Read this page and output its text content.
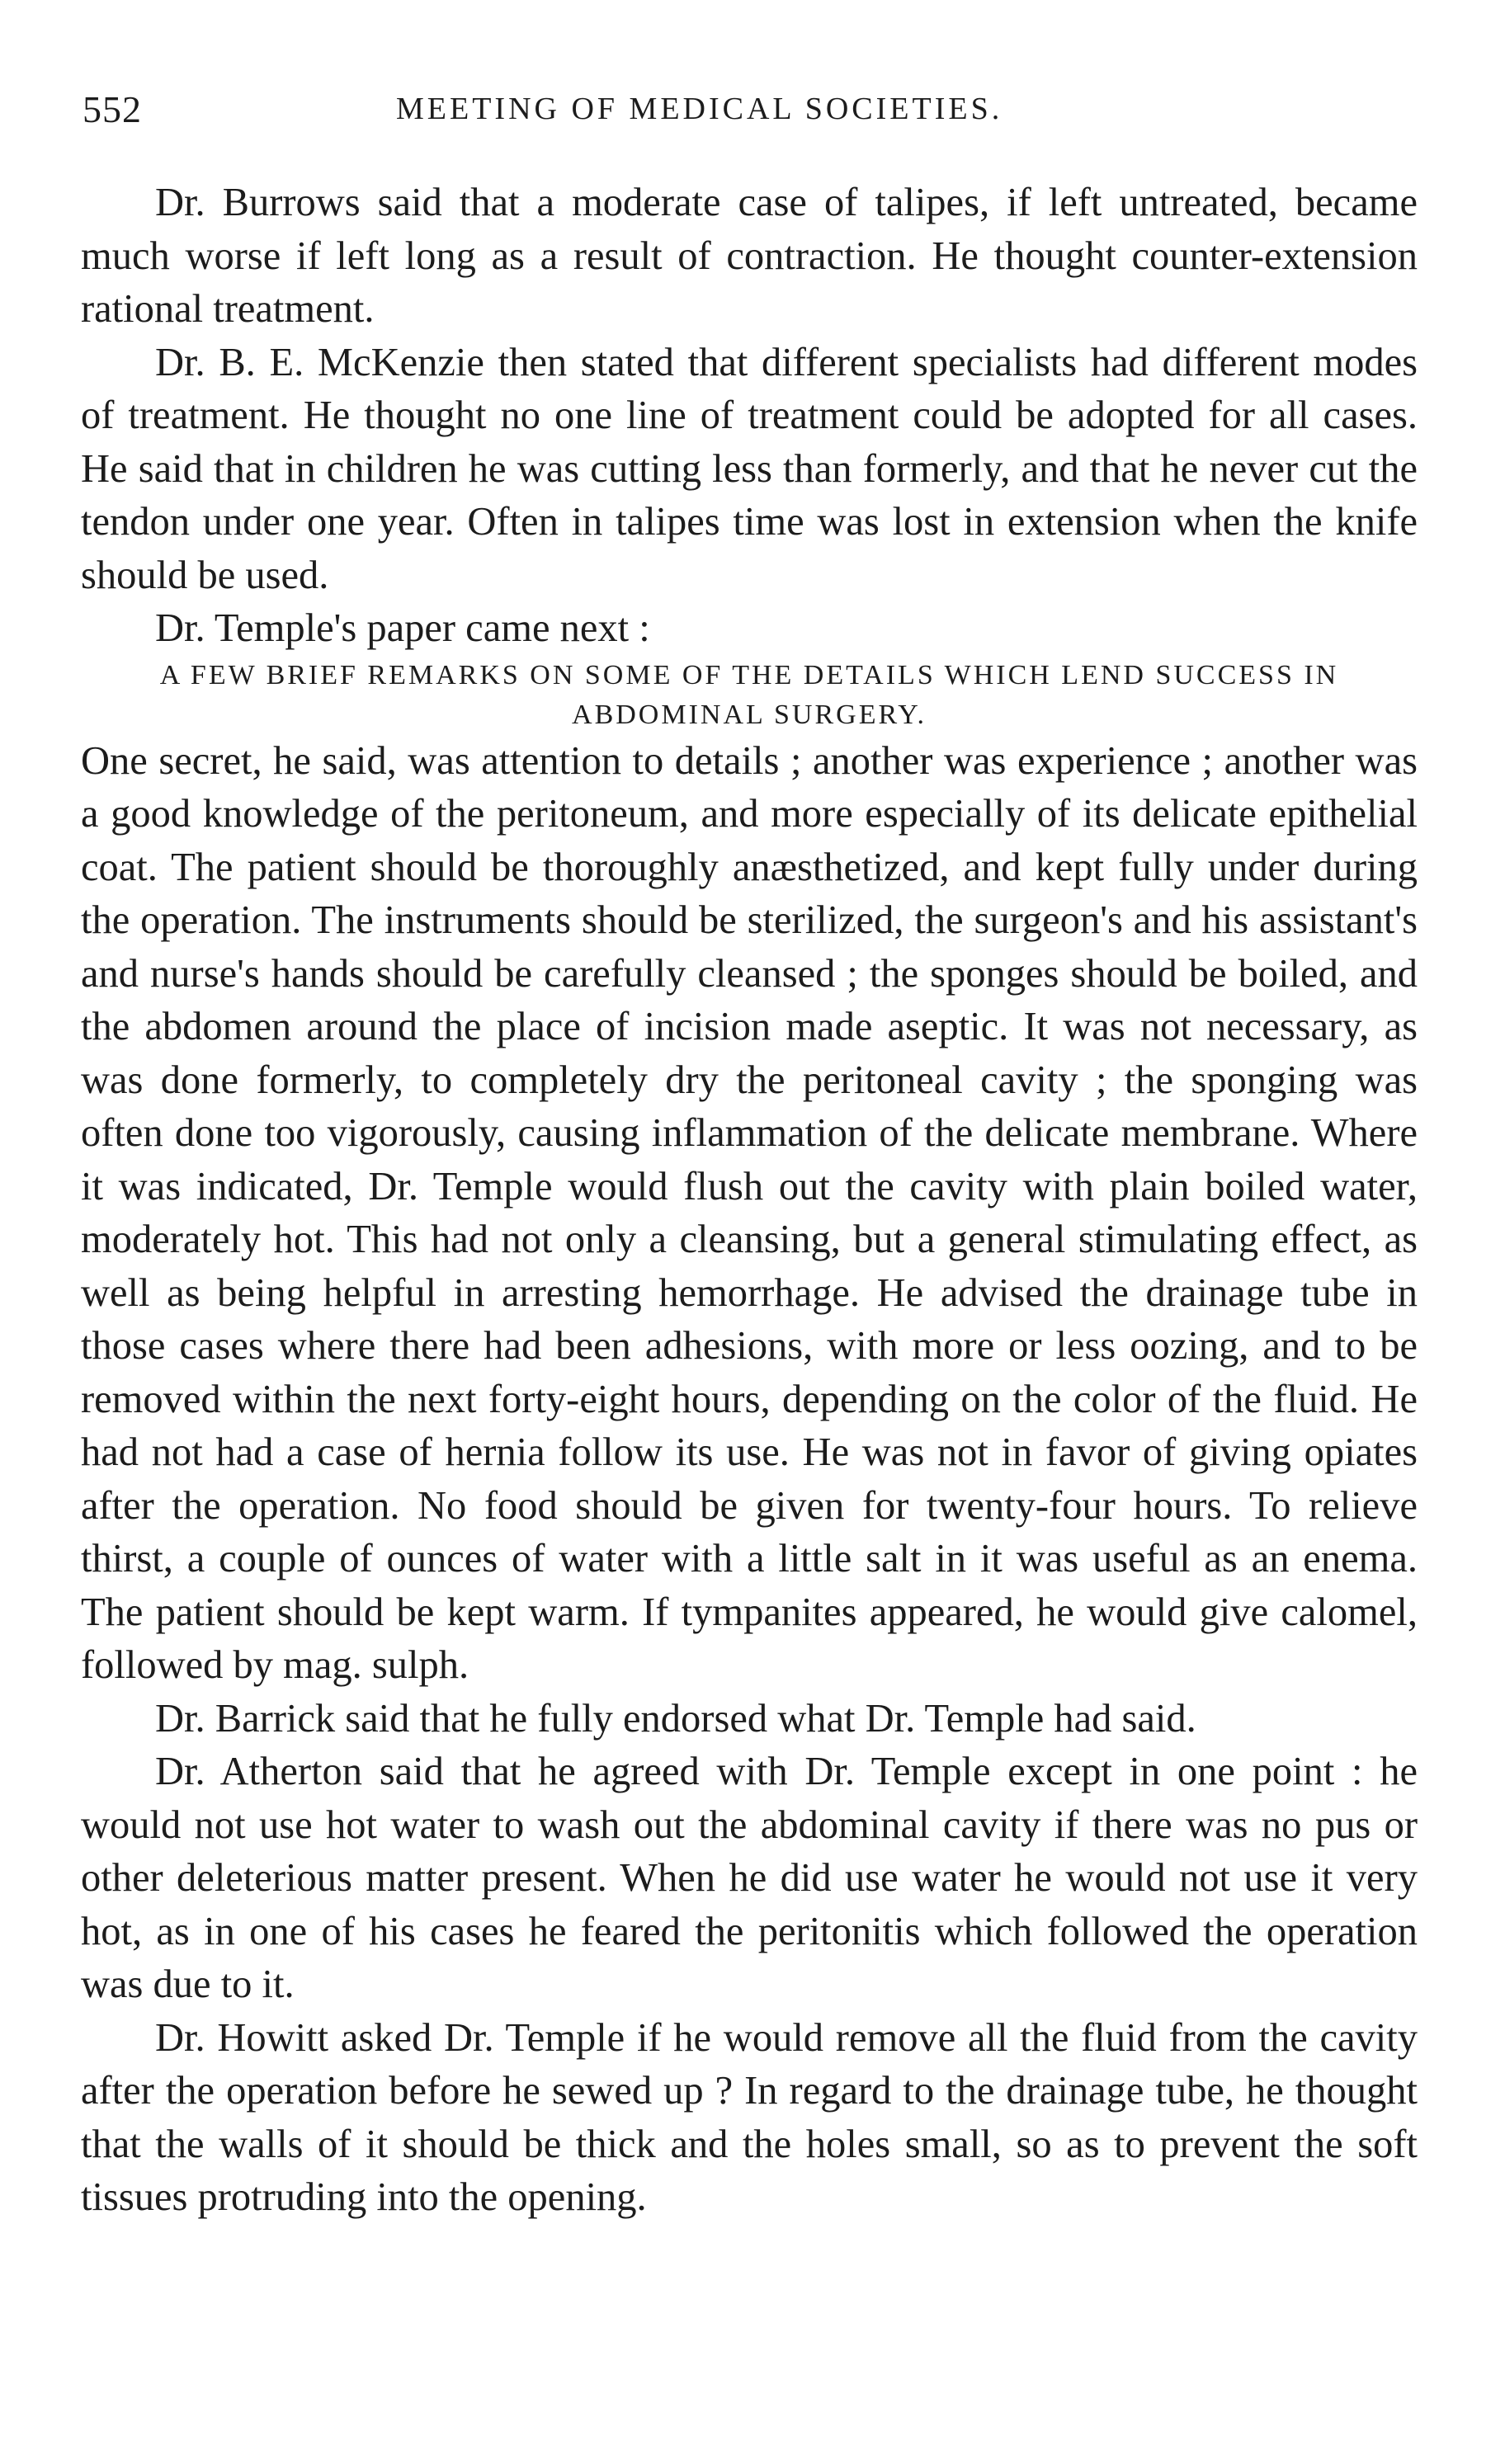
552	MEETING OF MEDICAL SOCIETIES.

Dr. Burrows said that a moderate case of talipes, if left untreated, became much worse if left long as a result of contraction. He thought counter-extension rational treatment.

Dr. B. E. McKenzie then stated that different specialists had different modes of treatment. He thought no one line of treatment could be adopted for all cases. He said that in children he was cutting less than formerly, and that he never cut the tendon under one year. Often in talipes time was lost in extension when the knife should be used.

Dr. Temple's paper came next :

A FEW BRIEF REMARKS ON SOME OF THE DETAILS WHICH LEND SUCCESS IN ABDOMINAL SURGERY.

One secret, he said, was attention to details ; another was experience ; another was a good knowledge of the peritoneum, and more especially of its delicate epithelial coat. The patient should be thoroughly anæsthetized, and kept fully under during the operation. The instruments should be sterilized, the surgeon's and his assistant's and nurse's hands should be carefully cleansed ; the sponges should be boiled, and the abdomen around the place of incision made aseptic. It was not necessary, as was done formerly, to completely dry the peritoneal cavity ; the sponging was often done too vigorously, causing inflammation of the delicate membrane. Where it was indicated, Dr. Temple would flush out the cavity with plain boiled water, moderately hot. This had not only a cleansing, but a general stimulating effect, as well as being helpful in arresting hemorrhage. He advised the drainage tube in those cases where there had been adhesions, with more or less oozing, and to be removed within the next forty-eight hours, depending on the color of the fluid. He had not had a case of hernia follow its use. He was not in favor of giving opiates after the operation. No food should be given for twenty-four hours. To relieve thirst, a couple of ounces of water with a little salt in it was useful as an enema. The patient should be kept warm. If tympanites appeared, he would give calomel, followed by mag. sulph.

Dr. Barrick said that he fully endorsed what Dr. Temple had said.

Dr. Atherton said that he agreed with Dr. Temple except in one point : he would not use hot water to wash out the abdominal cavity if there was no pus or other deleterious matter present. When he did use water he would not use it very hot, as in one of his cases he feared the peritonitis which followed the operation was due to it.

Dr. Howitt asked Dr. Temple if he would remove all the fluid from the cavity after the operation before he sewed up ? In regard to the drainage tube, he thought that the walls of it should be thick and the holes small, so as to prevent the soft tissues protruding into the opening.
